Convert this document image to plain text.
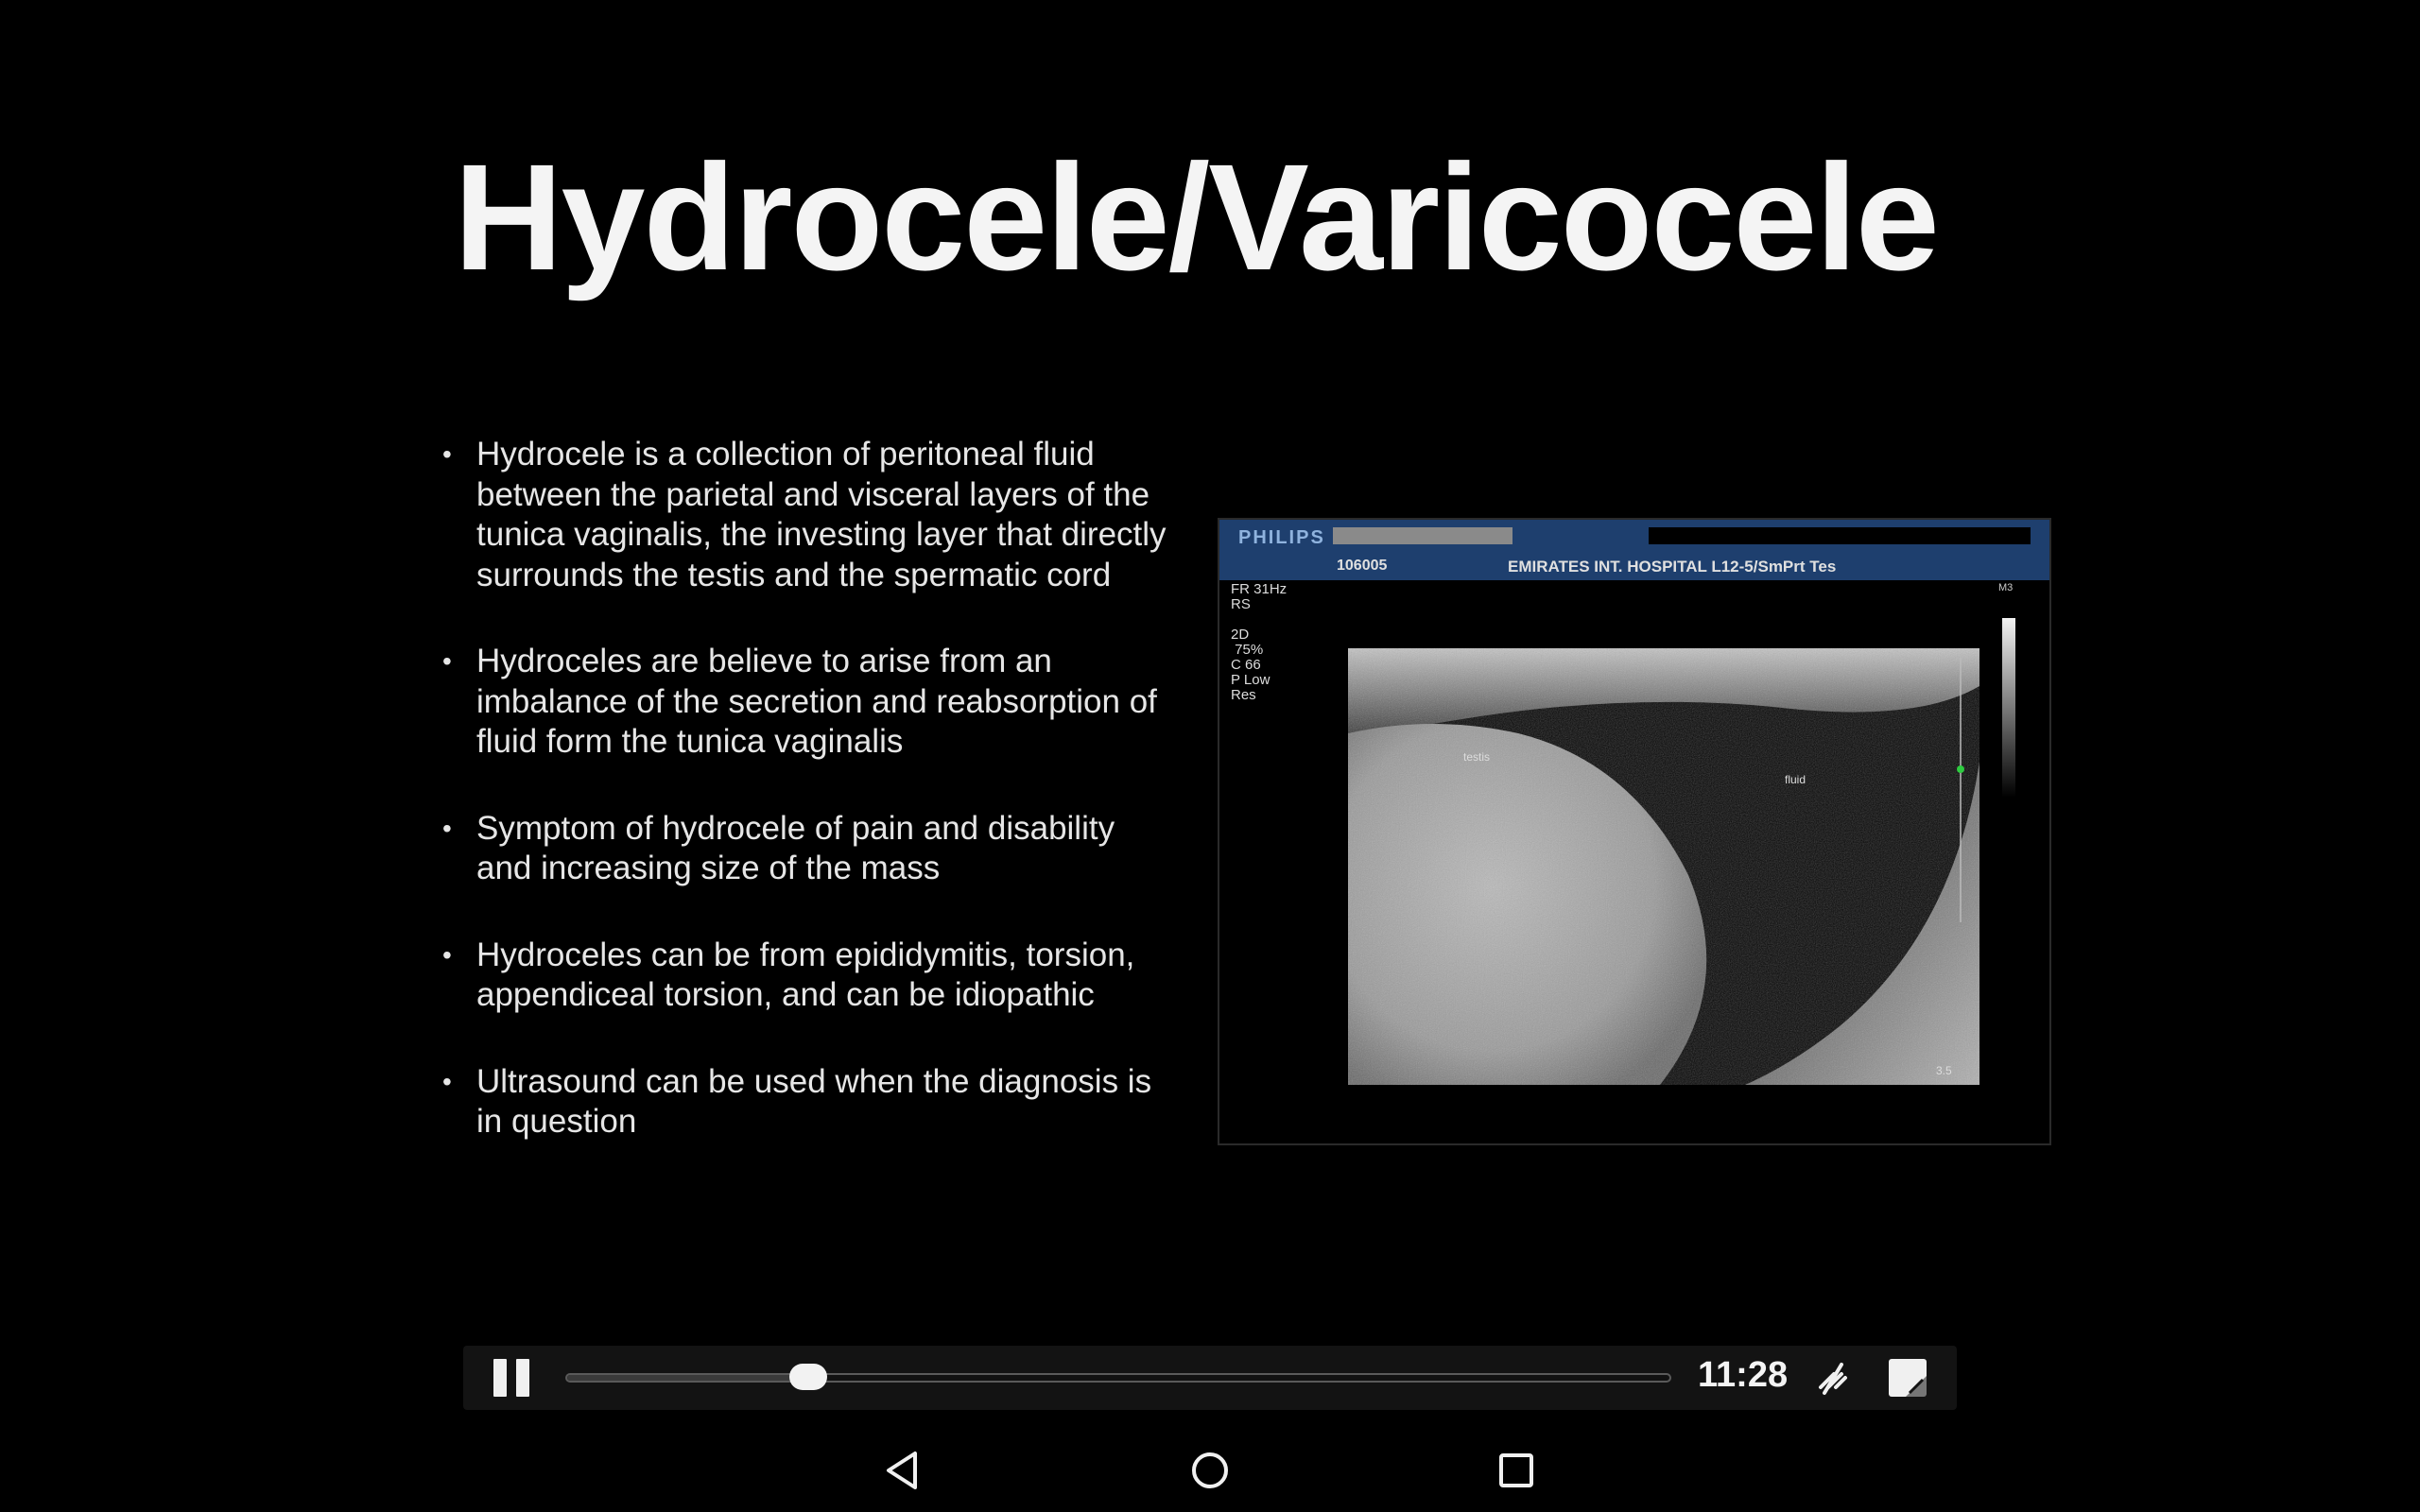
Hydrocele/Varicocele
• Hydrocele is a collection of peritoneal fluid between the parietal and visceral layers of the tunica vaginalis, the investing layer that directly surrounds the testis and the spermatic cord
• Hydroceles are believe to arise from an imbalance of the secretion and reabsorption of fluid form the tunica vaginalis
• Symptom of hydrocele of pain and disability and increasing size of the mass
• Hydroceles can be from epididymitis, torsion, appendiceal torsion, and can be idiopathic
• Ultrasound can be used when the diagnosis is in question
PHILIPS
106005	EMIRATES INT. HOSPITAL L12-5/SmPrt Tes
FR 31Hz
RS

2D
75%
C 66
P Low
Res
M3
testis
fluid
3.5
11:28
